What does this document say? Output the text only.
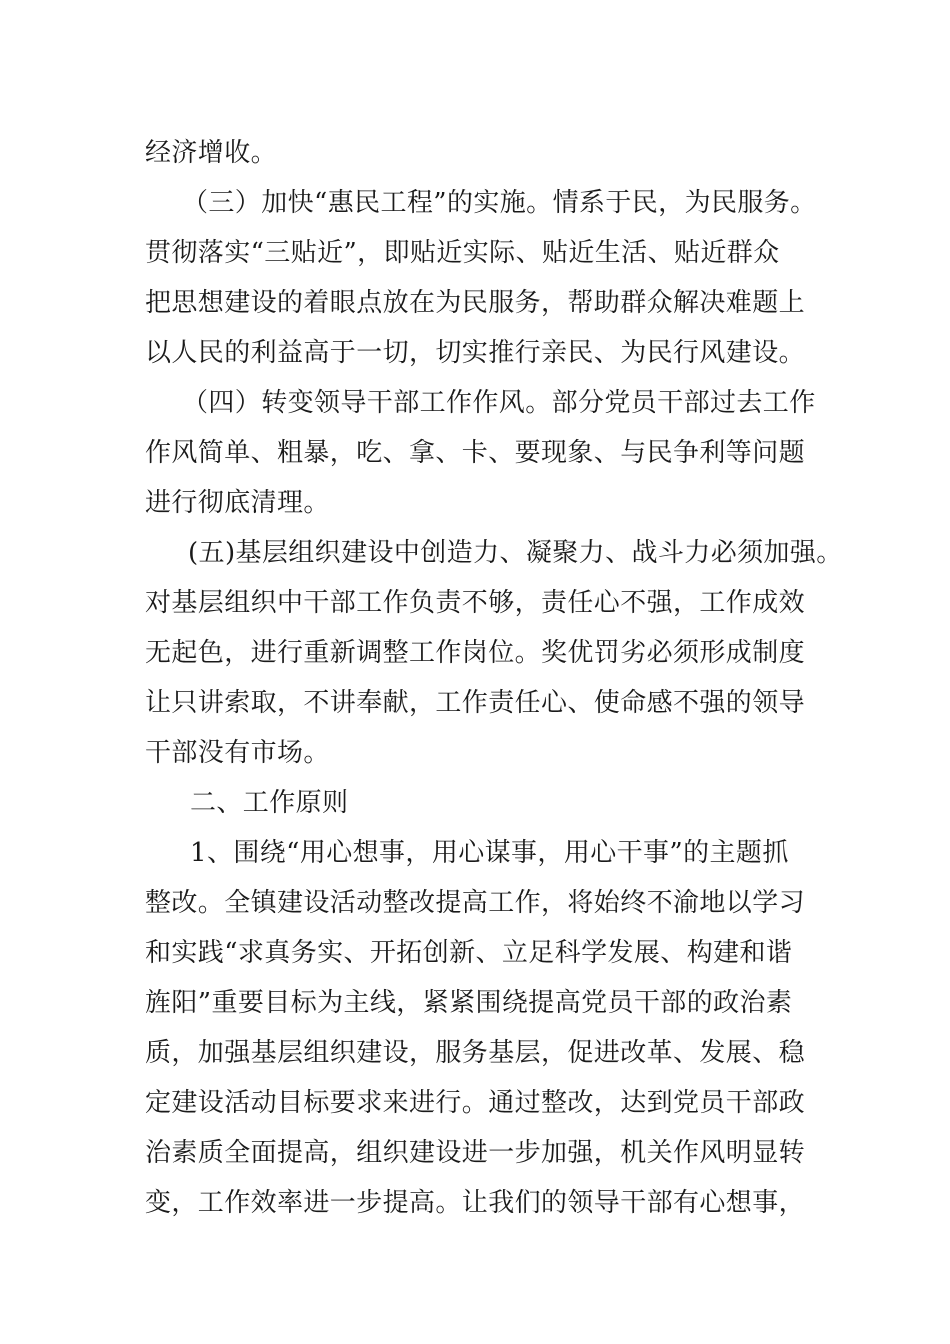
经济增收。
（三）加快“惠民工程”的实施。情系于民，为民服务。
贯彻落实“三贴近”，即贴近实际、贴近生活、贴近群众
把思想建设的着眼点放在为民服务，帮助群众解决难题上
以人民的利益高于一切，切实推行亲民、为民行风建设。
（四）转变领导干部工作作风。部分党员干部过去工作
作风简单、粗暴，吃、拿、卡、要现象、与民争利等问题
进行彻底清理。
(五)基层组织建设中创造力、凝聚力、战斗力必须加强。
对基层组织中干部工作负责不够，责任心不强，工作成效
无起色，进行重新调整工作岗位。奖优罚劣必须形成制度
让只讲索取，不讲奉献，工作责任心、使命感不强的领导
干部没有市场。
二、工作原则
1、围绕“用心想事，用心谋事，用心干事”的主题抓
整改。全镇建设活动整改提高工作，将始终不渝地以学习
和实践“求真务实、开拓创新、立足科学发展、构建和谐
旌阳”重要目标为主线，紧紧围绕提高党员干部的政治素
质，加强基层组织建设，服务基层，促进改革、发展、稳
定建设活动目标要求来进行。通过整改，达到党员干部政
治素质全面提高，组织建设进一步加强，机关作风明显转
变，工作效率进一步提高。让我们的领导干部有心想事，
